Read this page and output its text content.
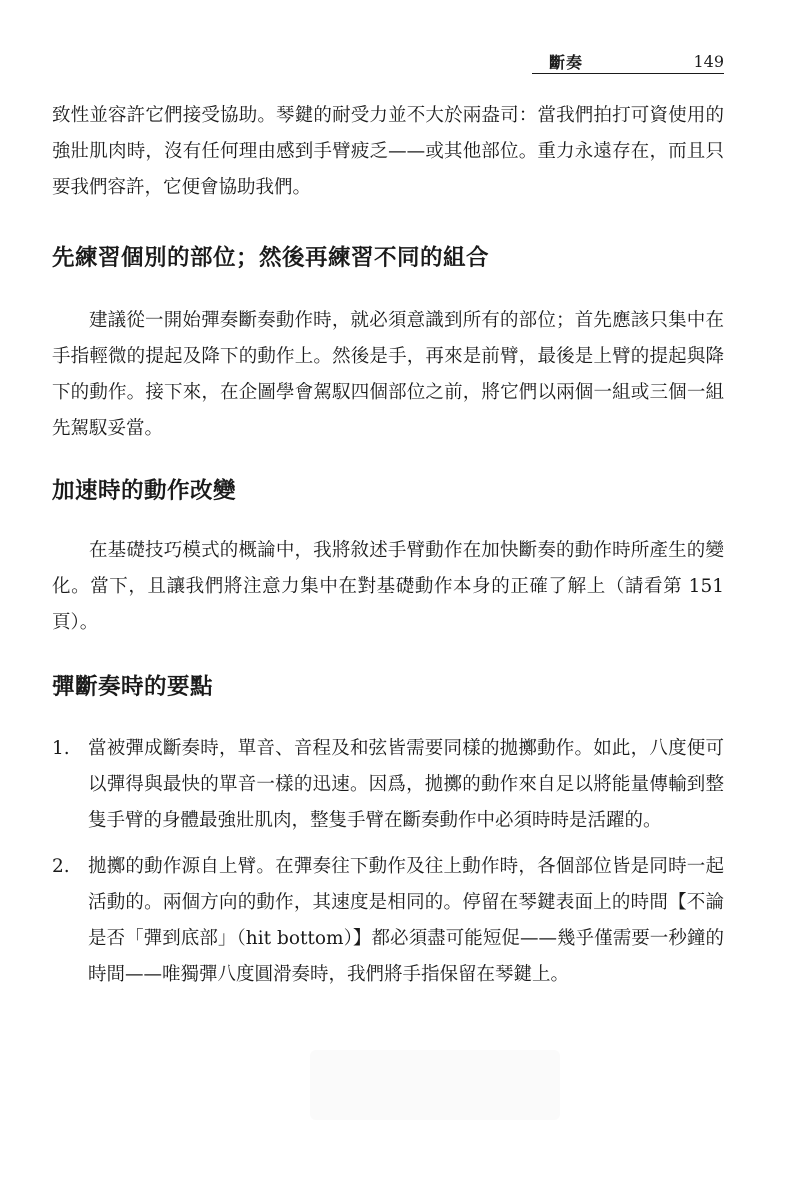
斷奏	149

致性並容許它們接受協助。琴鍵的耐受力並不大於兩盎司：當我們拍打可資使用的強壯肌肉時，沒有任何理由感到手臂疲乏——或其他部位。重力永遠存在，而且只要我們容許，它便會協助我們。

先練習個別的部位；然後再練習不同的組合

建議從一開始彈奏斷奏動作時，就必須意識到所有的部位；首先應該只集中在手指輕微的提起及降下的動作上。然後是手，再來是前臂，最後是上臂的提起與降下的動作。接下來，在企圖學會駕馭四個部位之前，將它們以兩個一組或三個一組先駕馭妥當。

加速時的動作改變

在基礎技巧模式的概論中，我將敘述手臂動作在加快斷奏的動作時所產生的變化。當下，且讓我們將注意力集中在對基礎動作本身的正確了解上（請看第 151 頁）。

彈斷奏時的要點
1. 當被彈成斷奏時，單音、音程及和弦皆需要同樣的拋擲動作。如此，八度便可以彈得與最快的單音一樣的迅速。因爲，拋擲的動作來自足以將能量傳輸到整隻手臂的身體最強壯肌肉，整隻手臂在斷奏動作中必須時時是活躍的。

2. 拋擲的動作源自上臂。在彈奏往下動作及往上動作時，各個部位皆是同時一起活動的。兩個方向的動作，其速度是相同的。停留在琴鍵表面上的時間【不論是否「彈到底部」（hit bottom）】都必須盡可能短促——幾乎僅需要一秒鐘的時間——唯獨彈八度圓滑奏時，我們將手指保留在琴鍵上。
